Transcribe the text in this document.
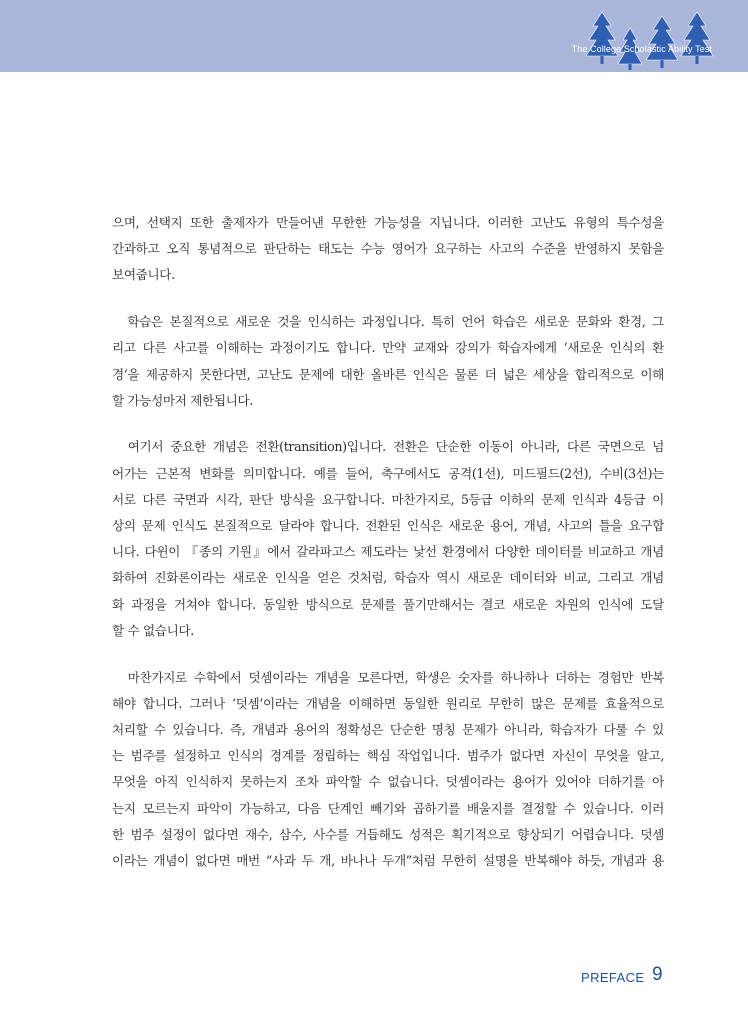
The College Scholastic Ability Test

으며, 선택지 또한 출제자가 만들어낸 무한한 가능성을 지닙니다. 이러한 고난도 유형의 특수성을
간과하고 오직 통념적으로 판단하는 태도는 수능 영어가 요구하는 사고의 수준을 반영하지 못함을
보여줍니다.

　학습은 본질적으로 새로운 것을 인식하는 과정입니다. 특히 언어 학습은 새로운 문화와 환경, 그
리고 다른 사고를 이해하는 과정이기도 합니다. 만약 교재와 강의가 학습자에게 ‘새로운 인식의 환
경’을 제공하지 못한다면, 고난도 문제에 대한 올바른 인식은 물론 더 넓은 세상을 합리적으로 이해
할 가능성마저 제한됩니다.

　여기서 중요한 개념은 전환(transition)입니다. 전환은 단순한 이동이 아니라, 다른 국면으로 넘
어가는 근본적 변화를 의미합니다. 예를 들어, 축구에서도 공격(1선), 미드필드(2선), 수비(3선)는
서로 다른 국면과 시각, 판단 방식을 요구합니다. 마찬가지로, 5등급 이하의 문제 인식과 4등급 이
상의 문제 인식도 본질적으로 달라야 합니다. 전환된 인식은 새로운 용어, 개념, 사고의 틀을 요구합
니다. 다윈이 『종의 기원』에서 갈라파고스 제도라는 낯선 환경에서 다양한 데이터를 비교하고 개념
화하여 진화론이라는 새로운 인식을 얻은 것처럼, 학습자 역시 새로운 데이터와 비교, 그리고 개념
화 과정을 거쳐야 합니다. 동일한 방식으로 문제를 풀기만해서는 결코 새로운 차원의 인식에 도달
할 수 없습니다.

　마찬가지로 수학에서 덧셈이라는 개념을 모른다면, 학생은 숫자를 하나하나 더하는 경험만 반복
해야 합니다. 그러나 ‘덧셈’이라는 개념을 이해하면 동일한 원리로 무한히 많은 문제를 효율적으로
처리할 수 있습니다. 즉, 개념과 용어의 정확성은 단순한 명칭 문제가 아니라, 학습자가 다룰 수 있
는 범주를 설정하고 인식의 경계를 정립하는 핵심 작업입니다. 범주가 없다면 자신이 무엇을 알고,
무엇을 아직 인식하지 못하는지 조차 파악할 수 없습니다. 덧셈이라는 용어가 있어야 더하기를 아
는지 모르는지 파악이 가능하고, 다음 단계인 빼기와 곱하기를 배울지를 결정할 수 있습니다. 이러
한 범주 설정이 없다면 재수, 삼수, 사수를 거듭해도 성적은 획기적으로 향상되기 어렵습니다. 덧셈
이라는 개념이 없다면 매번 “사과 두 개, 바나나 두개”처럼 무한히 설명을 반복해야 하듯, 개념과 용

PREFACE 9
